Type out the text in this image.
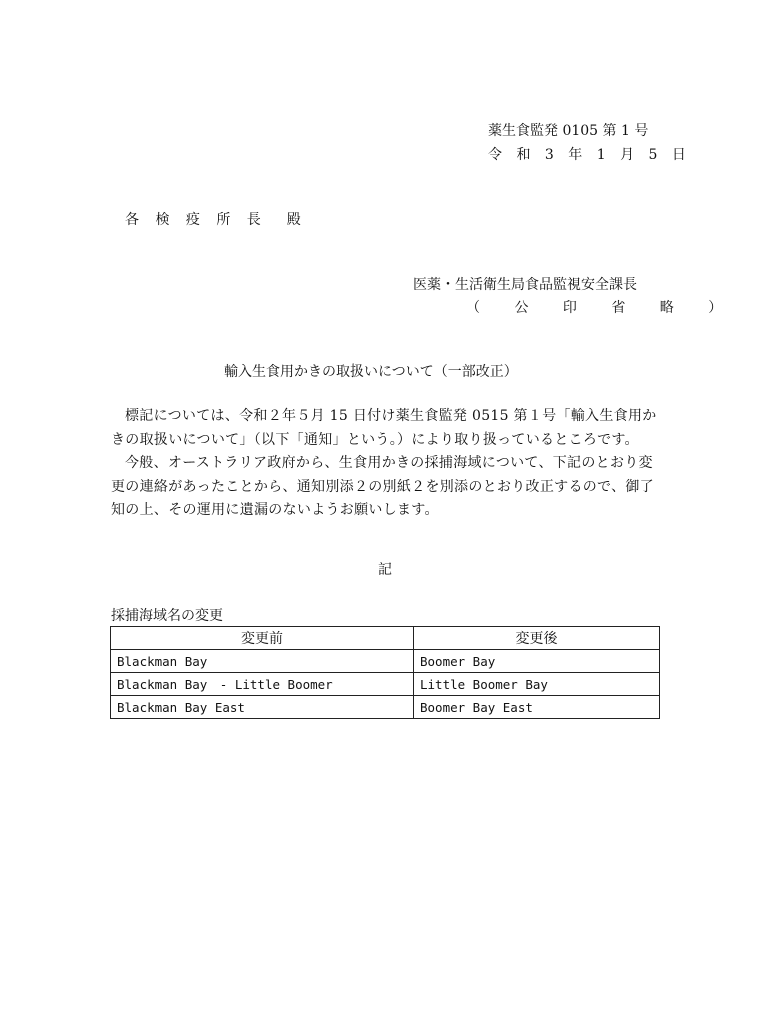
薬生食監発 0105 第 1 号
令 和 3 年 1 月 5 日
各 検 疫 所 長　殿
医薬・生活衛生局食品監視安全課長
（ 公 印 省 略 ）
輸入生食用かきの取扱いについて（一部改正）

標記については、令和２年５月 15 日付け薬生食監発 0515 第１号「輸入生食用かきの取扱いについて」（以下「通知」という。）により取り扱っているところです。

今般、オーストラリア政府から、生食用かきの採捕海域について、下記のとおり変更の連絡があったことから、通知別添２の別紙２を別添のとおり改正するので、御了知の上、その運用に遺漏のないようお願いします。

記
採捕海域名の変更
変更前	変更後
Blackman Bay	Boomer Bay
Blackman Bay　- Little Boomer	Little Boomer Bay
Blackman Bay East	Boomer Bay East
